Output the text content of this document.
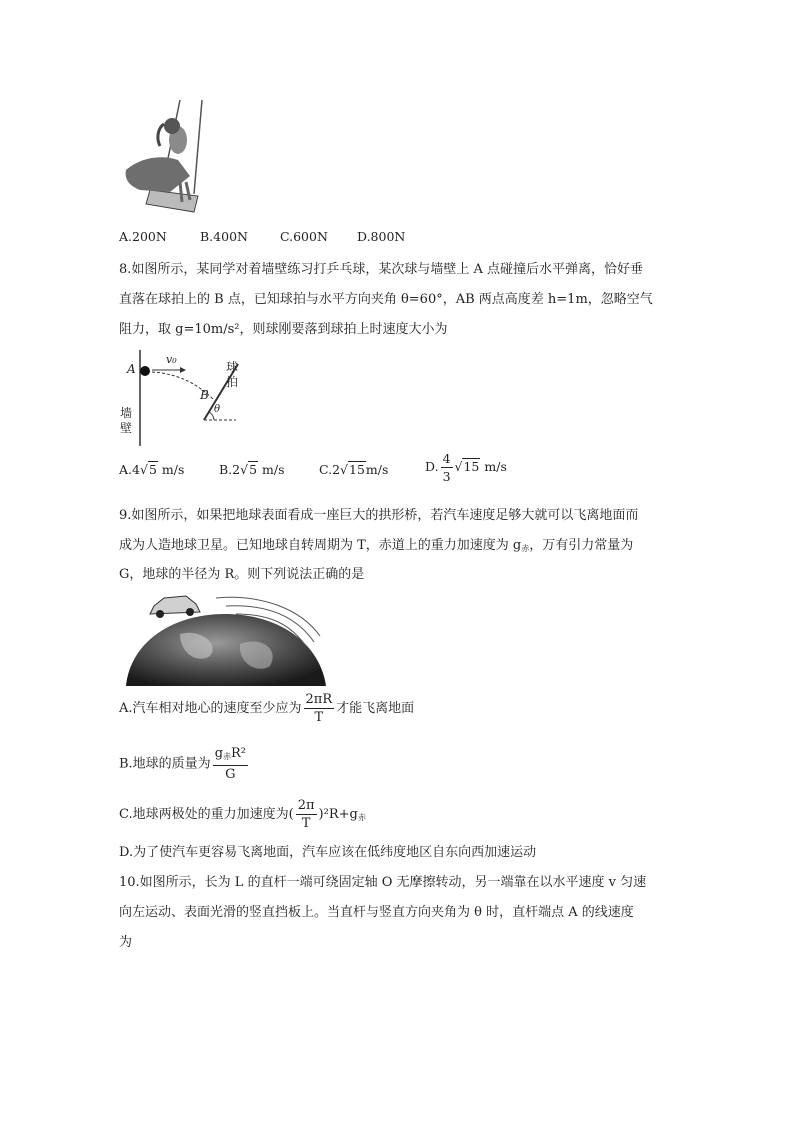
A.200N	B.400N	C.600N D.800N
8.如图所示，某同学对着墙壁练习打乒乓球，某次球与墙壁上 A 点碰撞后水平弹离，恰好垂
直落在球拍上的 B 点，已知球拍与水平方向夹角 θ=60°，AB 两点高度差 h=1m，忽略空气
阻力，取 g=10m/s²，则球刚要落到球拍上时速度大小为
A
v₀
B
θ
墙壁
球拍
A.4√5 m/s	B.2√5 m/s	C.2√15m/s	D. $\frac{4}{3} √15$ m/s
9.如图所示，如果把地球表面看成一座巨大的拱形桥，若汽车速度足够大就可以飞离地面而
成为人造地球卫星。已知地球自转周期为 T，赤道上的重力加速度为 $g_赤$，万有引力常量为
G，地球的半径为 R。则下列说法正确的是
A.汽车相对地心的速度至少应为 $\frac{2\pi R}{T}$ 才能飞离地面
B.地球的质量为 $\frac{g_赤R^2}{G}$
C.地球两极处的重力加速度为( $\frac{2\pi}{T} )^2R+g_赤$
D.为了使汽车更容易飞离地面，汽车应该在低纬度地区自东向西加速运动
10.如图所示，长为 L 的直杆一端可绕固定轴 O 无摩擦转动，另一端靠在以水平速度 v 匀速
向左运动、表面光滑的竖直挡板上。当直杆与竖直方向夹角为 θ 时，直杆端点 A 的线速度
为
